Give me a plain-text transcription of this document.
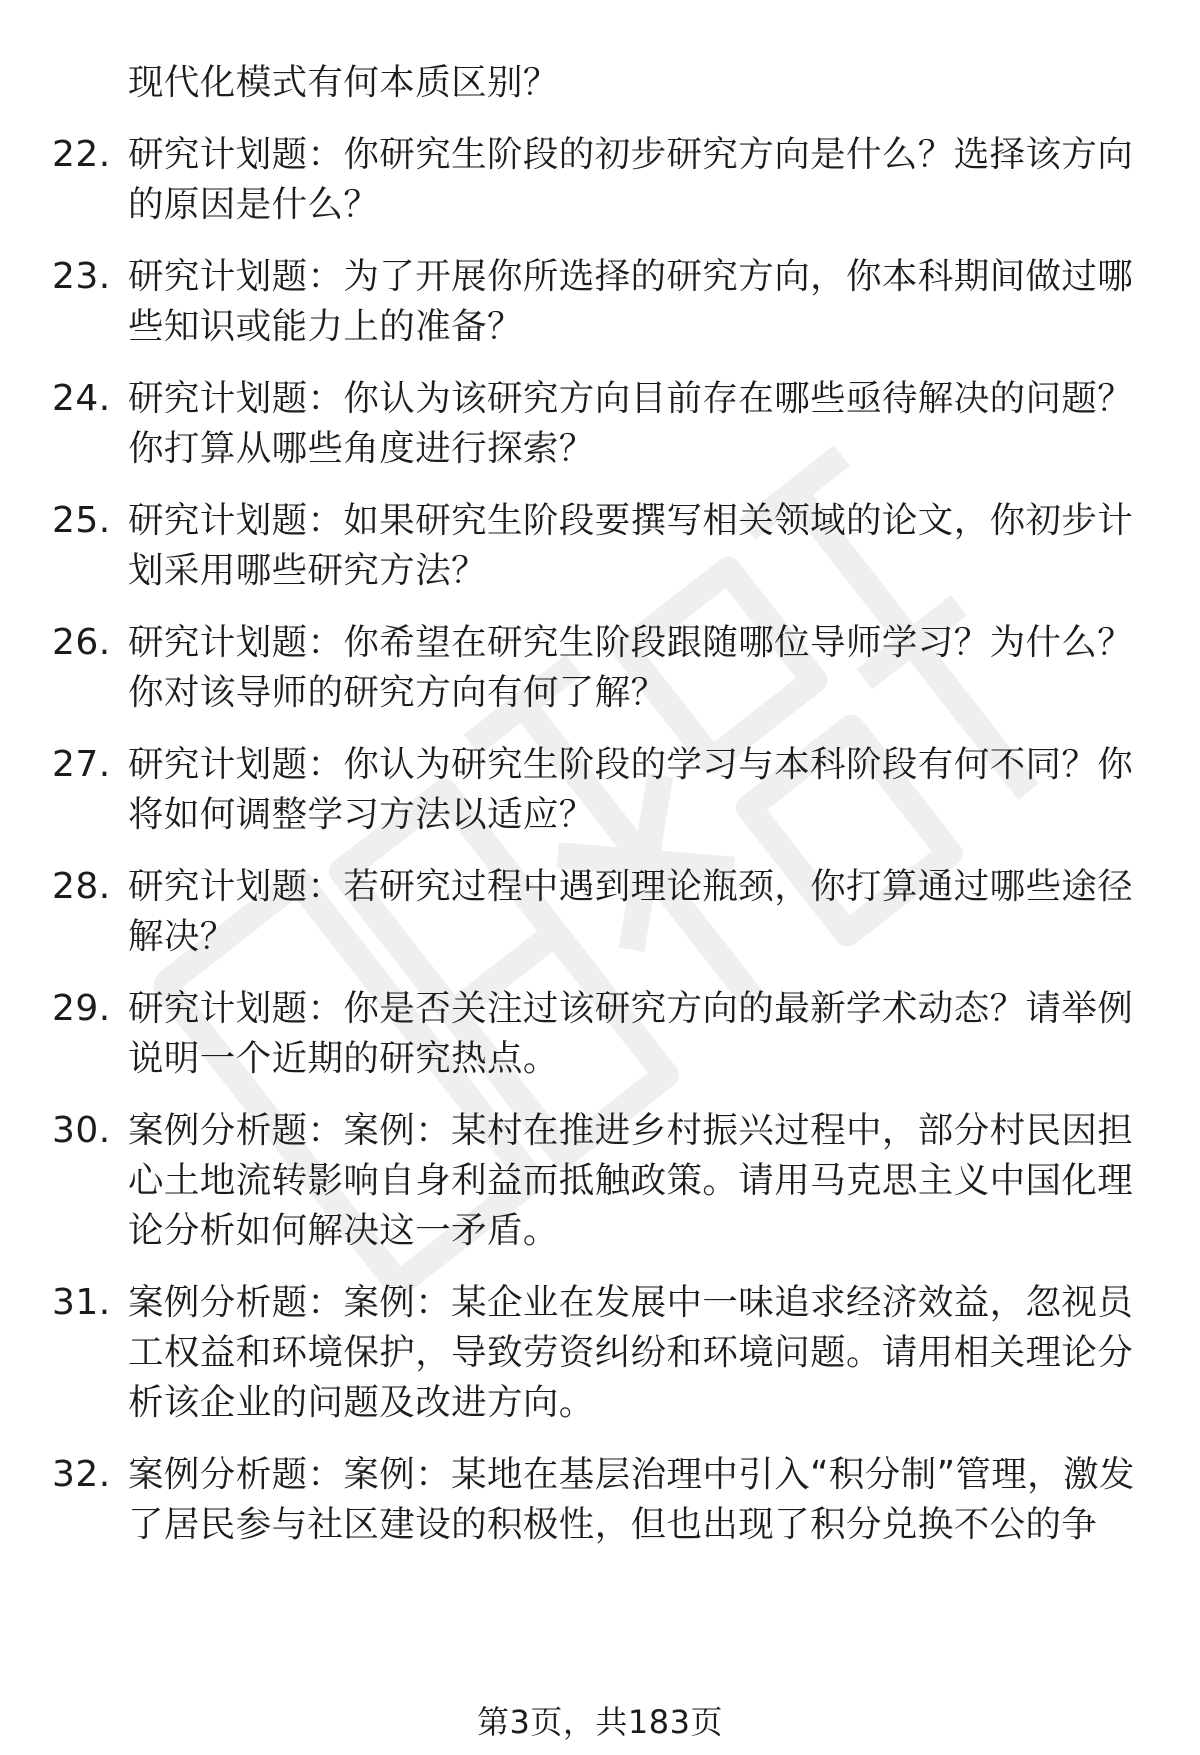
现代化模式有何本质区别？
22. 研究计划题：你研究生阶段的初步研究方向是什么？选择该方向的原因是什么？
23. 研究计划题：为了开展你所选择的研究方向，你本科期间做过哪些知识或能力上的准备？
24. 研究计划题：你认为该研究方向目前存在哪些亟待解决的问题？你打算从哪些角度进行探索？
25. 研究计划题：如果研究生阶段要撰写相关领域的论文，你初步计划采用哪些研究方法？
26. 研究计划题：你希望在研究生阶段跟随哪位导师学习？为什么？你对该导师的研究方向有何了解？
27. 研究计划题：你认为研究生阶段的学习与本科阶段有何不同？你将如何调整学习方法以适应？
28. 研究计划题：若研究过程中遇到理论瓶颈，你打算通过哪些途径解决？
29. 研究计划题：你是否关注过该研究方向的最新学术动态？请举例说明一个近期的研究热点。
30. 案例分析题：案例：某村在推进乡村振兴过程中，部分村民因担心土地流转影响自身利益而抵触政策。请用马克思主义中国化理论分析如何解决这一矛盾。
31. 案例分析题：案例：某企业在发展中一味追求经济效益，忽视员工权益和环境保护，导致劳资纠纷和环境问题。请用相关理论分析该企业的问题及改进方向。
32. 案例分析题：案例：某地在基层治理中引入“积分制”管理，激发了居民参与社区建设的积极性，但也出现了积分兑换不公的争
第3页，共183页
